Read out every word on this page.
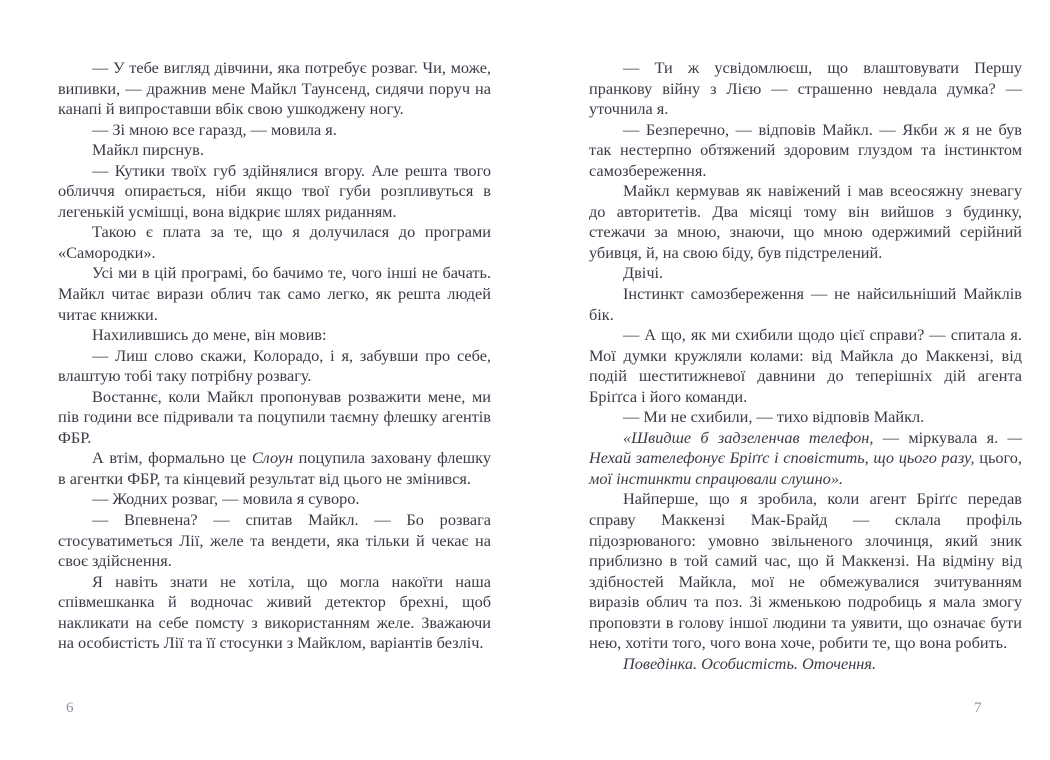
— У тебе вигляд дівчини, яка потребує розваг. Чи, може, випивки, — дражнив мене Майкл Таунсенд, сидячи поруч на канапі й випроставши вбік свою ушкоджену ногу.

— Зі мною все гаразд, — мовила я.

Майкл пирснув.

— Кутики твоїх губ здійнялися вгору. Але решта твого обличчя опирається, ніби якщо твої губи розпливуться в легенькій усмішці, вона відкриє шлях риданням.

Такою є плата за те, що я долучилася до програми «Самородки».

Усі ми в цій програмі, бо бачимо те, чого інші не бачать. Майкл читає вирази облич так само легко, як решта людей читає книжки.

Нахилившись до мене, він мовив:

— Лиш слово скажи, Колорадо, і я, забувши про себе, влаштую тобі таку потрібну розвагу.

Востаннє, коли Майкл пропонував розважити мене, ми пів години все підривали та поцупили таємну флешку агентів ФБР.

А втім, формально це Слоун поцупила заховану флешку в агентки ФБР, та кінцевий результат від цього не змінився.

— Жодних розваг, — мовила я суворо.

— Впевнена? — спитав Майкл. — Бо розвага стосуватиметься Лії, желе та вендети, яка тільки й чекає на своє здійснення.

Я навіть знати не хотіла, що могла накоїти наша співмешканка й водночас живий детектор брехні, щоб накликати на себе помсту з використанням желе. Зважаючи на особистість Лії та її стосунки з Майклом, варіантів безліч.

— Ти ж усвідомлюєш, що влаштовувати Першу пранкову війну з Лією — страшенно невдала думка? — уточнила я.

— Безперечно, — відповів Майкл. — Якби ж я не був так нестерпно обтяжений здоровим глуздом та інстинктом самозбереження.

Майкл кермував як навіжений і мав всеосяжну зневагу до авторитетів. Два місяці тому він вийшов з будинку, стежачи за мною, знаючи, що мною одержимий серійний убивця, й, на свою біду, був підстрелений.

Двічі.

Інстинкт самозбереження — не найсильніший Майклів бік.

— А що, як ми схибили щодо цієї справи? — спитала я. Мої думки кружляли колами: від Майкла до Маккензі, від подій шеститижневої давнини до теперішніх дій агента Бріґґса і його команди.

— Ми не схибили, — тихо відповів Майкл.

«Швидше б задзеленчав телефон, — міркувала я. — Нехай зателефонує Бріґґс і сповістить, що цього разу, цього, мої інстинкти спрацювали слушно».

Найперше, що я зробила, коли агент Бріґґс передав справу Маккензі Мак-Брайд — склала профіль підозрюваного: умовно звільненого злочинця, який зник приблизно в той самий час, що й Маккензі. На відміну від здібностей Майкла, мої не обмежувалися зчитуванням виразів облич та поз. Зі жменькою подробиць я мала змогу проповзти в голову іншої людини та уявити, що означає бути нею, хотіти того, чого вона хоче, робити те, що вона робить.

Поведінка. Особистість. Оточення.

6	7
